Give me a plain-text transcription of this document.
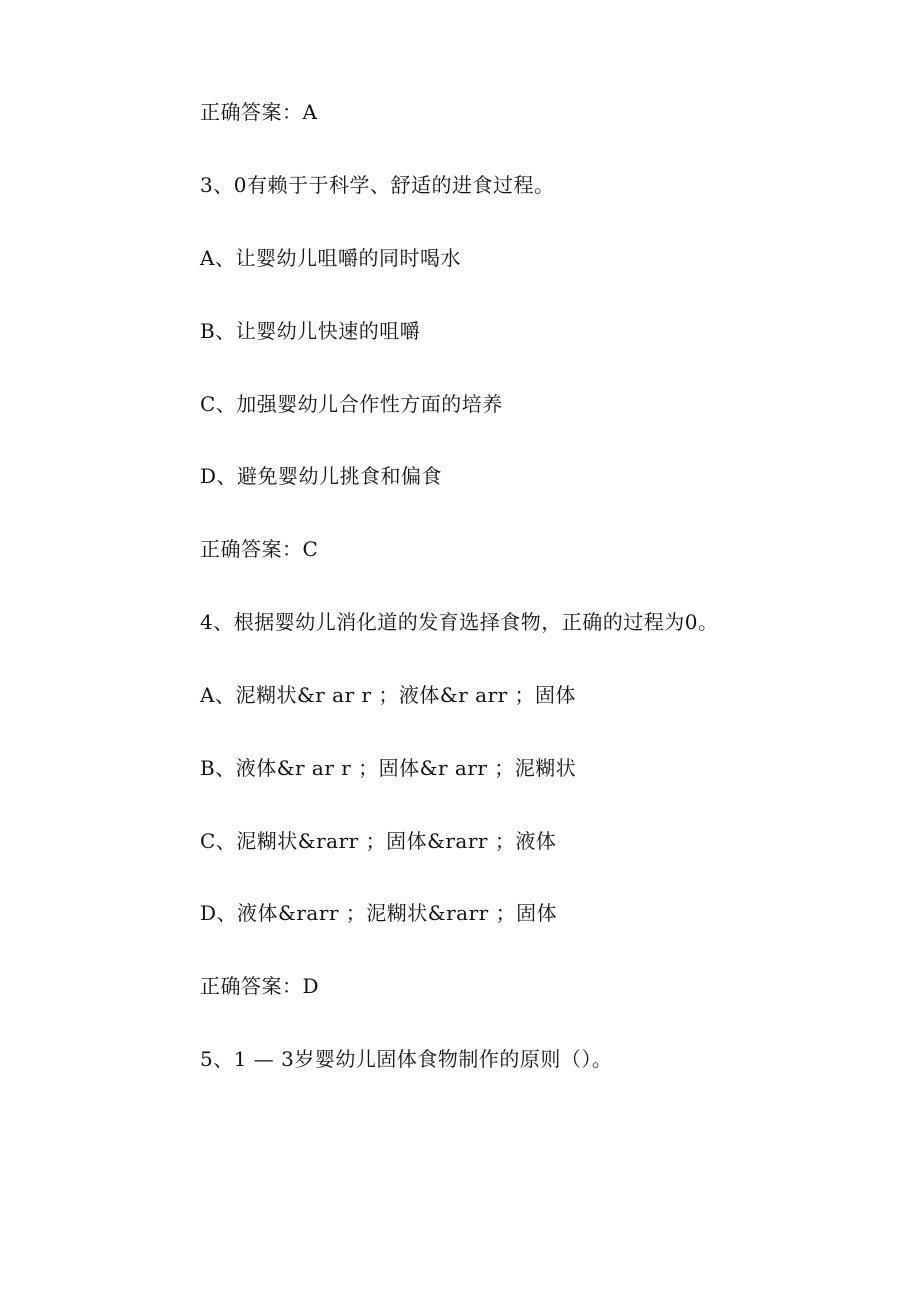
正确答案：A
3、0有赖于于科学、舒适的进食过程。
A、让婴幼儿咀嚼的同时喝水
B、让婴幼儿快速的咀嚼
C、加强婴幼儿合作性方面的培养
D、避免婴幼儿挑食和偏食
正确答案：C
4、根据婴幼儿消化道的发育选择食物，正确的过程为0。
A、泥糊状&r ar r ；液体&r arr ；固体
B、液体&r ar r ；固体&r arr ；泥糊状
C、泥糊状&rarr ；固体&rarr ；液体
D、液体&rarr ；泥糊状&rarr ；固体
正确答案：D
5、1 — 3岁婴幼儿固体食物制作的原则（）。
